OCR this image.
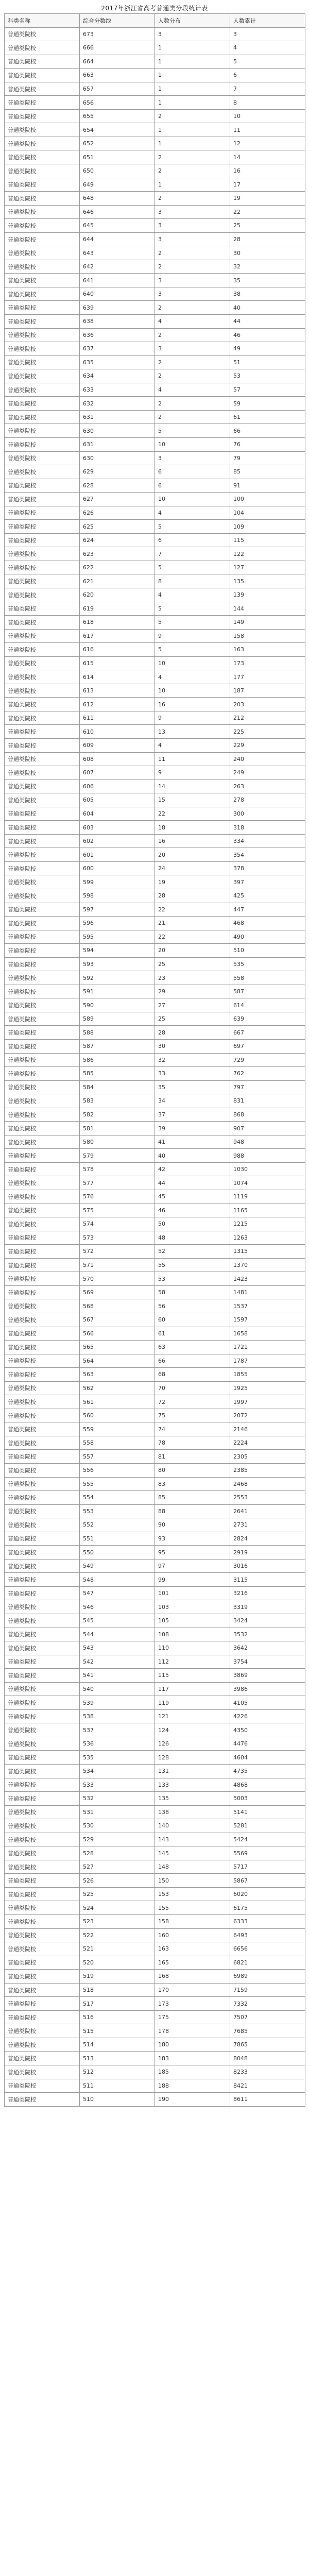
2017年浙江省高考普通类分段统计表
科类名称	综合分数线	人数分布	人数累计
普通类院校	673	3	3
普通类院校	666	1	4
普通类院校	664	1	5
普通类院校	663	1	6
普通类院校	657	1	7
普通类院校	656	1	8
普通类院校	655	2	10
普通类院校	654	1	11
普通类院校	652	1	12
普通类院校	651	2	14
普通类院校	650	2	16
普通类院校	649	1	17
普通类院校	648	2	19
普通类院校	646	3	22
普通类院校	645	3	25
普通类院校	644	3	28
普通类院校	643	2	30
普通类院校	642	2	32
普通类院校	641	3	35
普通类院校	640	3	38
普通类院校	639	2	40
普通类院校	638	4	44
普通类院校	636	2	46
普通类院校	637	3	49
普通类院校	635	2	51
普通类院校	634	2	53
普通类院校	633	4	57
普通类院校	632	2	59
普通类院校	631	2	61
普通类院校	630	5	66
普通类院校	631	10	76
普通类院校	630	3	79
普通类院校	629	6	85
普通类院校	628	6	91
普通类院校	627	10	100
普通类院校	626	4	104
普通类院校	625	5	109
普通类院校	624	6	115
普通类院校	623	7	122
普通类院校	622	5	127
普通类院校	621	8	135
普通类院校	620	4	139
普通类院校	619	5	144
普通类院校	618	5	149
普通类院校	617	9	158
普通类院校	616	5	163
普通类院校	615	10	173
普通类院校	614	4	177
普通类院校	613	10	187
普通类院校	612	16	203
普通类院校	611	9	212
普通类院校	610	13	225
普通类院校	609	4	229
普通类院校	608	11	240
普通类院校	607	9	249
普通类院校	606	14	263
普通类院校	605	15	278
普通类院校	604	22	300
普通类院校	603	18	318
普通类院校	602	16	334
普通类院校	601	20	354
普通类院校	600	24	378
普通类院校	599	19	397
普通类院校	598	28	425
普通类院校	597	22	447
普通类院校	596	21	468
普通类院校	595	22	490
普通类院校	594	20	510
普通类院校	593	25	535
普通类院校	592	23	558
普通类院校	591	29	587
普通类院校	590	27	614
普通类院校	589	25	639
普通类院校	588	28	667
普通类院校	587	30	697
普通类院校	586	32	729
普通类院校	585	33	762
普通类院校	584	35	797
普通类院校	583	34	831
普通类院校	582	37	868
普通类院校	581	39	907
普通类院校	580	41	948
普通类院校	579	40	988
普通类院校	578	42	1030
普通类院校	577	44	1074
普通类院校	576	45	1119
普通类院校	575	46	1165
普通类院校	574	50	1215
普通类院校	573	48	1263
普通类院校	572	52	1315
普通类院校	571	55	1370
普通类院校	570	53	1423
普通类院校	569	58	1481
普通类院校	568	56	1537
普通类院校	567	60	1597
普通类院校	566	61	1658
普通类院校	565	63	1721
普通类院校	564	66	1787
普通类院校	563	68	1855
普通类院校	562	70	1925
普通类院校	561	72	1997
普通类院校	560	75	2072
普通类院校	559	74	2146
普通类院校	558	78	2224
普通类院校	557	81	2305
普通类院校	556	80	2385
普通类院校	555	83	2468
普通类院校	554	85	2553
普通类院校	553	88	2641
普通类院校	552	90	2731
普通类院校	551	93	2824
普通类院校	550	95	2919
普通类院校	549	97	3016
普通类院校	548	99	3115
普通类院校	547	101	3216
普通类院校	546	103	3319
普通类院校	545	105	3424
普通类院校	544	108	3532
普通类院校	543	110	3642
普通类院校	542	112	3754
普通类院校	541	115	3869
普通类院校	540	117	3986
普通类院校	539	119	4105
普通类院校	538	121	4226
普通类院校	537	124	4350
普通类院校	536	126	4476
普通类院校	535	128	4604
普通类院校	534	131	4735
普通类院校	533	133	4868
普通类院校	532	135	5003
普通类院校	531	138	5141
普通类院校	530	140	5281
普通类院校	529	143	5424
普通类院校	528	145	5569
普通类院校	527	148	5717
普通类院校	526	150	5867
普通类院校	525	153	6020
普通类院校	524	155	6175
普通类院校	523	158	6333
普通类院校	522	160	6493
普通类院校	521	163	6656
普通类院校	520	165	6821
普通类院校	519	168	6989
普通类院校	518	170	7159
普通类院校	517	173	7332
普通类院校	516	175	7507
普通类院校	515	178	7685
普通类院校	514	180	7865
普通类院校	513	183	8048
普通类院校	512	185	8233
普通类院校	511	188	8421
普通类院校	510	190	8611
